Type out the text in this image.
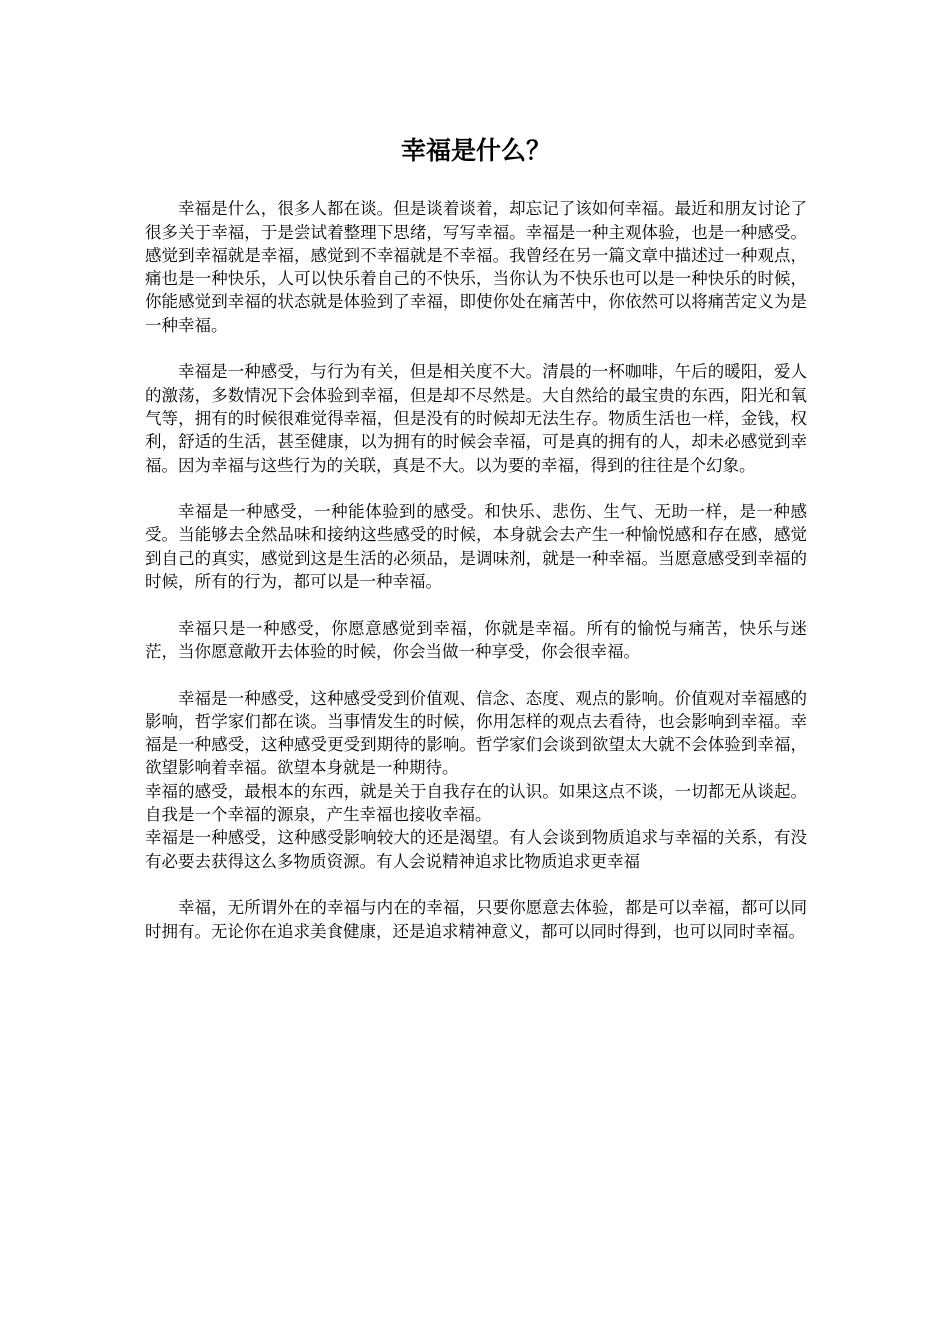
幸福是什么？

幸福是什么，很多人都在谈。但是谈着谈着，却忘记了该如何幸福。最近和朋友讨论了很多关于幸福，于是尝试着整理下思绪，写写幸福。幸福是一种主观体验，也是一种感受。感觉到幸福就是幸福，感觉到不幸福就是不幸福。我曾经在另一篇文章中描述过一种观点，痛也是一种快乐，人可以快乐着自己的不快乐，当你认为不快乐也可以是一种快乐的时候，你能感觉到幸福的状态就是体验到了幸福，即使你处在痛苦中，你依然可以将痛苦定义为是一种幸福。

幸福是一种感受，与行为有关，但是相关度不大。清晨的一杯咖啡，午后的暖阳，爱人的激荡，多数情况下会体验到幸福，但是却不尽然是。大自然给的最宝贵的东西，阳光和氧气等，拥有的时候很难觉得幸福，但是没有的时候却无法生存。物质生活也一样，金钱，权利，舒适的生活，甚至健康，以为拥有的时候会幸福，可是真的拥有的人，却未必感觉到幸福。因为幸福与这些行为的关联，真是不大。以为要的幸福，得到的往往是个幻象。

幸福是一种感受，一种能体验到的感受。和快乐、悲伤、生气、无助一样，是一种感受。当能够去全然品味和接纳这些感受的时候，本身就会去产生一种愉悦感和存在感，感觉到自己的真实，感觉到这是生活的必须品，是调味剂，就是一种幸福。当愿意感受到幸福的时候，所有的行为，都可以是一种幸福。

幸福只是一种感受，你愿意感觉到幸福，你就是幸福。所有的愉悦与痛苦，快乐与迷茫，当你愿意敞开去体验的时候，你会当做一种享受，你会很幸福。

幸福是一种感受，这种感受受到价值观、信念、态度、观点的影响。价值观对幸福感的影响，哲学家们都在谈。当事情发生的时候，你用怎样的观点去看待，也会影响到幸福。幸福是一种感受，这种感受更受到期待的影响。哲学家们会谈到欲望太大就不会体验到幸福，欲望影响着幸福。欲望本身就是一种期待。

幸福的感受，最根本的东西，就是关于自我存在的认识。如果这点不谈，一切都无从谈起。自我是一个幸福的源泉，产生幸福也接收幸福。

幸福是一种感受，这种感受影响较大的还是渴望。有人会谈到物质追求与幸福的关系，有没有必要去获得这么多物质资源。有人会说精神追求比物质追求更幸福

幸福，无所谓外在的幸福与内在的幸福，只要你愿意去体验，都是可以幸福，都可以同时拥有。无论你在追求美食健康，还是追求精神意义，都可以同时得到，也可以同时幸福。
